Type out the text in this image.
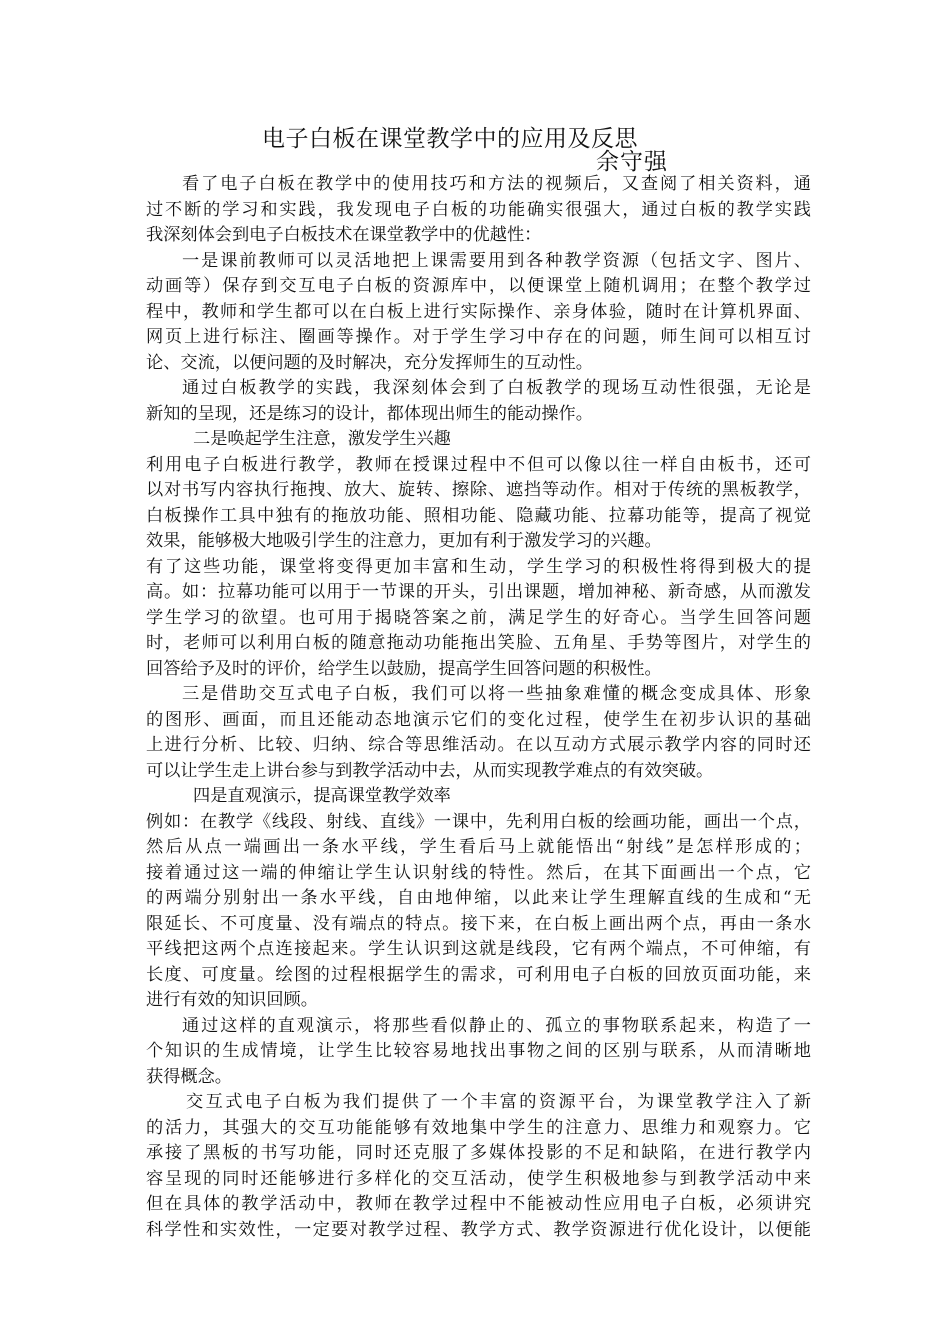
电子白板在课堂教学中的应用及反思
余守强
看了电子白板在教学中的使用技巧和方法的视频后，又查阅了相关资料，通
过不断的学习和实践，我发现电子白板的功能确实很强大，通过白板的教学实践
我深刻体会到电子白板技术在课堂教学中的优越性：
一是课前教师可以灵活地把上课需要用到各种教学资源（包括文字、图片、
动画等）保存到交互电子白板的资源库中，以便课堂上随机调用；在整个教学过
程中，教师和学生都可以在白板上进行实际操作、亲身体验，随时在计算机界面、
网页上进行标注、圈画等操作。对于学生学习中存在的问题，师生间可以相互讨
论、交流，以便问题的及时解决，充分发挥师生的互动性。
通过白板教学的实践，我深刻体会到了白板教学的现场互动性很强，无论是
新知的呈现，还是练习的设计，都体现出师生的能动操作。
二是唤起学生注意，激发学生兴趣
利用电子白板进行教学，教师在授课过程中不但可以像以往一样自由板书，还可
以对书写内容执行拖拽、放大、旋转、擦除、遮挡等动作。相对于传统的黑板教学，
白板操作工具中独有的拖放功能、照相功能、隐藏功能、拉幕功能等，提高了视觉
效果，能够极大地吸引学生的注意力，更加有利于激发学习的兴趣。
有了这些功能，课堂将变得更加丰富和生动，学生学习的积极性将得到极大的提
高。如：拉幕功能可以用于一节课的开头，引出课题，增加神秘、新奇感，从而激发
学生学习的欲望。也可用于揭晓答案之前，满足学生的好奇心。当学生回答问题
时，老师可以利用白板的随意拖动功能拖出笑脸、五角星、手势等图片，对学生的
回答给予及时的评价，给学生以鼓励，提高学生回答问题的积极性。
三是借助交互式电子白板，我们可以将一些抽象难懂的概念变成具体、形象
的图形、画面，而且还能动态地演示它们的变化过程，使学生在初步认识的基础
上进行分析、比较、归纳、综合等思维活动。在以互动方式展示教学内容的同时还
可以让学生走上讲台参与到教学活动中去，从而实现教学难点的有效突破。
四是直观演示，提高课堂教学效率
例如：在教学《线段、射线、直线》一课中，先利用白板的绘画功能，画出一个点，
然后从点一端画出一条水平线，学生看后马上就能悟出“射线”是怎样形成的；
接着通过这一端的伸缩让学生认识射线的特性。然后，在其下面画出一个点，它
的两端分别射出一条水平线，自由地伸缩，以此来让学生理解直线的生成和“无
限延长、不可度量、没有端点的特点。接下来，在白板上画出两个点，再由一条水
平线把这两个点连接起来。学生认识到这就是线段，它有两个端点，不可伸缩，有
长度、可度量。绘图的过程根据学生的需求，可利用电子白板的回放页面功能，来
进行有效的知识回顾。
通过这样的直观演示，将那些看似静止的、孤立的事物联系起来，构造了一
个知识的生成情境，让学生比较容易地找出事物之间的区别与联系，从而清晰地
获得概念。
交互式电子白板为我们提供了一个丰富的资源平台，为课堂教学注入了新
的活力，其强大的交互功能能够有效地集中学生的注意力、思维力和观察力。它
承接了黑板的书写功能，同时还克服了多媒体投影的不足和缺陷，在进行教学内
容呈现的同时还能够进行多样化的交互活动，使学生积极地参与到教学活动中来
但在具体的教学活动中，教师在教学过程中不能被动性应用电子白板，必须讲究
科学性和实效性，一定要对教学过程、教学方式、教学资源进行优化设计，以便能
